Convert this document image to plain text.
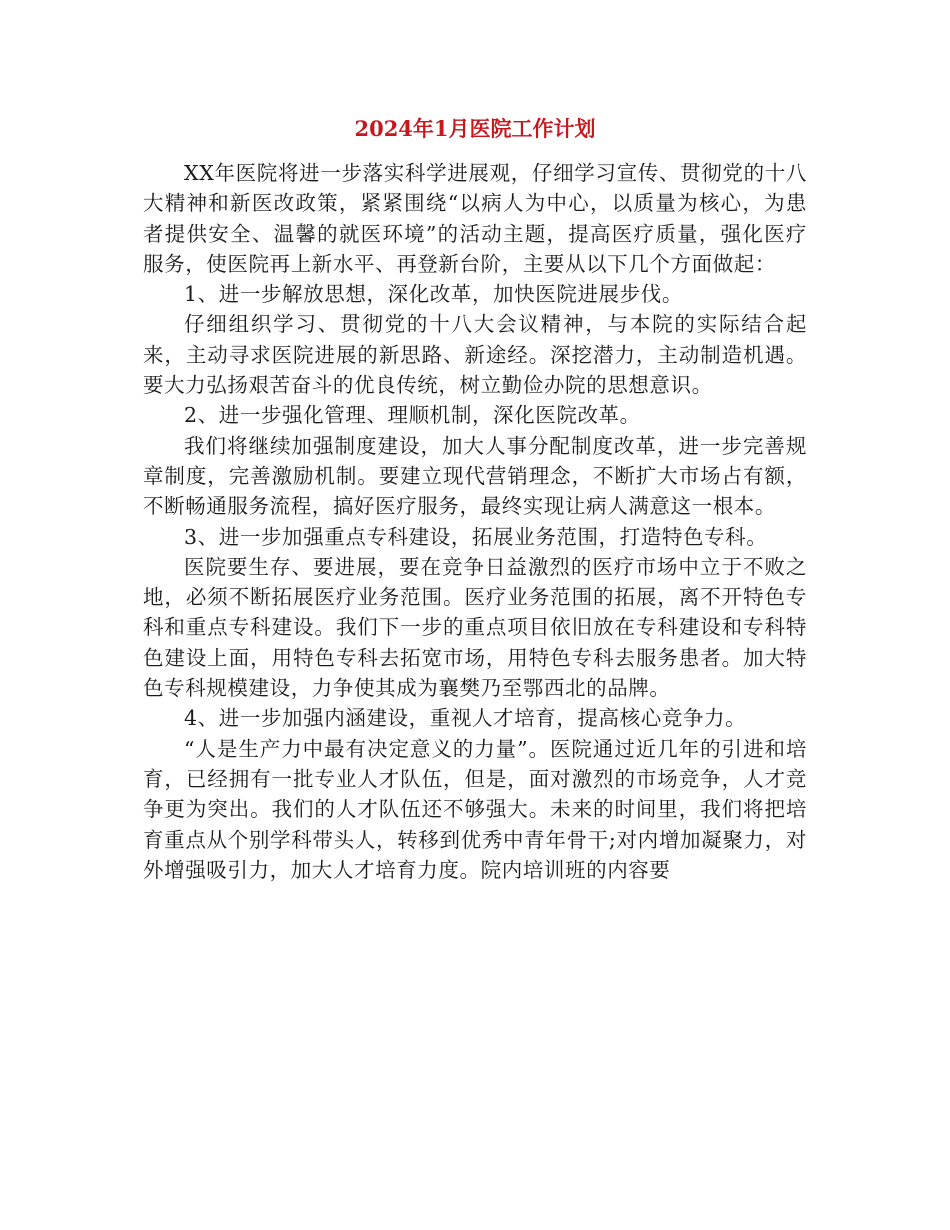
2024年1月医院工作计划

XX年医院将进一步落实科学进展观，仔细学习宣传、贯彻党的十八大精神和新医改政策，紧紧围绕“以病人为中心，以质量为核心，为患者提供安全、温馨的就医环境”的活动主题，提高医疗质量，强化医疗服务，使医院再上新水平、再登新台阶，主要从以下几个方面做起：

1、进一步解放思想，深化改革，加快医院进展步伐。

仔细组织学习、贯彻党的十八大会议精神，与本院的实际结合起来，主动寻求医院进展的新思路、新途经。深挖潜力，主动制造机遇。要大力弘扬艰苦奋斗的优良传统，树立勤俭办院的思想意识。

2、进一步强化管理、理顺机制，深化医院改革。

我们将继续加强制度建设，加大人事分配制度改革，进一步完善规章制度，完善激励机制。要建立现代营销理念，不断扩大市场占有额，不断畅通服务流程，搞好医疗服务，最终实现让病人满意这一根本。

3、进一步加强重点专科建设，拓展业务范围，打造特色专科。

医院要生存、要进展，要在竞争日益激烈的医疗市场中立于不败之地，必须不断拓展医疗业务范围。医疗业务范围的拓展，离不开特色专科和重点专科建设。我们下一步的重点项目依旧放在专科建设和专科特色建设上面，用特色专科去拓宽市场，用特色专科去服务患者。加大特色专科规模建设，力争使其成为襄樊乃至鄂西北的品牌。

4、进一步加强内涵建设，重视人才培育，提高核心竞争力。

“人是生产力中最有决定意义的力量”。医院通过近几年的引进和培育，已经拥有一批专业人才队伍，但是，面对激烈的市场竞争，人才竞争更为突出。我们的人才队伍还不够强大。未来的时间里，我们将把培育重点从个别学科带头人，转移到优秀中青年骨干;对内增加凝聚力，对外增强吸引力，加大人才培育力度。院内培训班的内容要
